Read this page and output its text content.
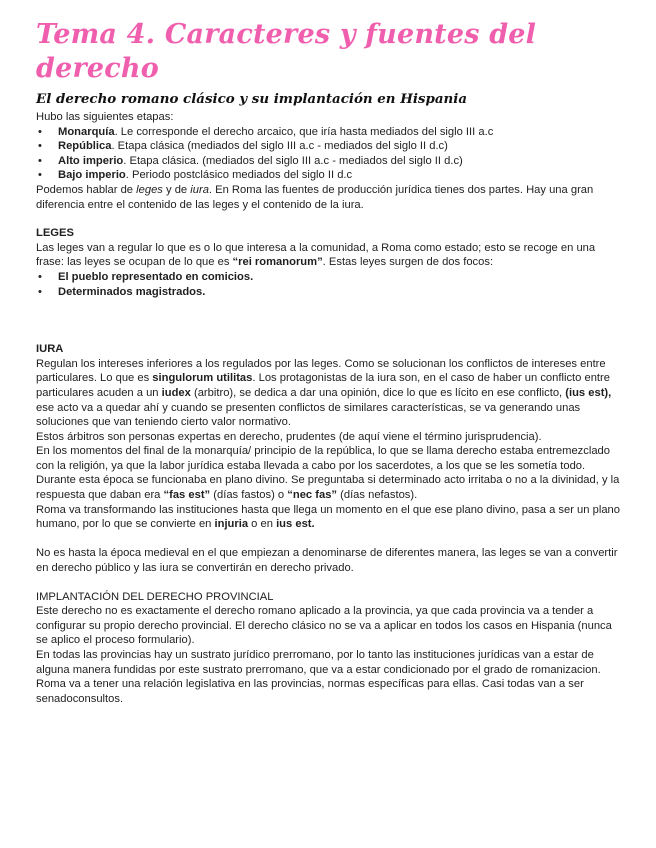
Tema 4. Caracteres y fuentes del derecho
El derecho romano clásico y su implantación en Hispania

Hubo las siguientes etapas:

• Monarquía. Le corresponde el derecho arcaico, que iría hasta mediados del siglo III a.c
• República. Etapa clásica (mediados del siglo III a.c - mediados del siglo II d.c)
• Alto imperio. Etapa clásica. (mediados del siglo III a.c - mediados del siglo II d.c)
• Bajo imperio. Periodo postclásico mediados del siglo II d.c

Podemos hablar de leges y de iura. En Roma las fuentes de producción jurídica tienes dos partes. Hay una gran diferencia entre el contenido de las leges y el contenido de la iura.

LEGES

Las leges van a regular lo que es o lo que interesa a la comunidad, a Roma como estado; esto se recoge en una frase: las leyes se ocupan de lo que es “rei romanorum”. Estas leyes surgen de dos focos:

• El pueblo representado en comicios.
• Determinados magistrados.

IURA

Regulan los intereses inferiores a los regulados por las leges. Como se solucionan los conflictos de intereses entre particulares. Lo que es singulorum utilitas. Los protagonistas de la iura son, en el caso de haber un conflicto entre particulares acuden a un iudex (arbitro), se dedica a dar una opinión, dice lo que es lícito en ese conflicto, (ius est), ese acto va a quedar ahí y cuando se presenten conflictos de similares características, se va generando unas soluciones que van teniendo cierto valor normativo.

Estos árbitros son personas expertas en derecho, prudentes (de aquí viene el término jurisprudencia).

En los momentos del final de la monarquía/ principio de la república, lo que se llama derecho estaba entremezclado con la religión, ya que la labor jurídica estaba llevada a cabo por los sacerdotes, a los que se les sometía todo. Durante esta época se funcionaba en plano divino. Se preguntaba si determinado acto irritaba o no a la divinidad, y la respuesta que daban era “fas est” (días fastos) o “nec fas” (días nefastos).

Roma va transformando las instituciones hasta que llega un momento en el que ese plano divino, pasa a ser un plano humano, por lo que se convierte en injuria o en ius est.

No es hasta la época medieval en el que empiezan a denominarse de diferentes manera, las leges se van a convertir en derecho público y las iura se convertirán en derecho privado.

IMPLANTACIÓN DEL DERECHO PROVINCIAL

Este derecho no es exactamente el derecho romano aplicado a la provincia, ya que cada provincia va a tender a configurar su propio derecho provincial. El derecho clásico no se va a aplicar en todos los casos en Hispania (nunca se aplico el proceso formulario).

En todas las provincias hay un sustrato jurídico prerromano, por lo tanto las instituciones jurídicas van a estar de alguna manera fundidas por este sustrato prerromano, que va a estar condicionado por el grado de romanizacion.

Roma va a tener una relación legislativa en las provincias, normas específicas para ellas. Casi todas van a ser senadoconsultos.
